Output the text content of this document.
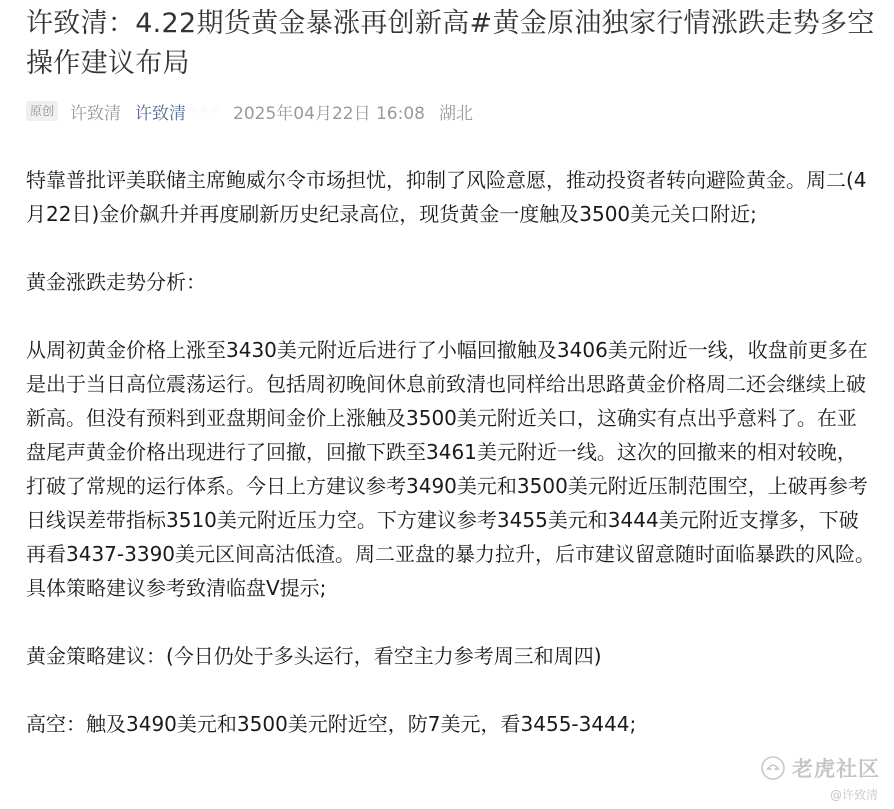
许致清：4.22期货黄金暴涨再创新高#黄金原油独家行情涨跌走势多空操作建议布局
原创 许致清 许致清 · · · 2025年04月22日 16:08 湖北

特靠普批评美联储主席鲍威尔令市场担忧，抑制了风险意愿，推动投资者转向避险黄金。周二(4月22日)金价飙升并再度刷新历史纪录高位，现货黄金一度触及3500美元关口附近;

黄金涨跌走势分析：

从周初黄金价格上涨至3430美元附近后进行了小幅回撤触及3406美元附近一线，收盘前更多在是出于当日高位震荡运行。包括周初晚间休息前致清也同样给出思路黄金价格周二还会继续上破新高。但没有预料到亚盘期间金价上涨触及3500美元附近关口，这确实有点出乎意料了。在亚盘尾声黄金价格出现进行了回撤，回撤下跌至3461美元附近一线。这次的回撤来的相对较晚，打破了常规的运行体系。今日上方建议参考3490美元和3500美元附近压制范围空，上破再参考日线误差带指标3510美元附近压力空。下方建议参考3455美元和3444美元附近支撑多，下破再看3437-3390美元区间高沽低渣。周二亚盘的暴力拉升，后市建议留意随时面临暴跌的风险。具体策略建议参考致清临盘V提示;

黄金策略建议：(今日仍处于多头运行，看空主力参考周三和周四)

高空：触及3490美元和3500美元附近空，防7美元，看3455-3444;

老虎社区
@许致清
